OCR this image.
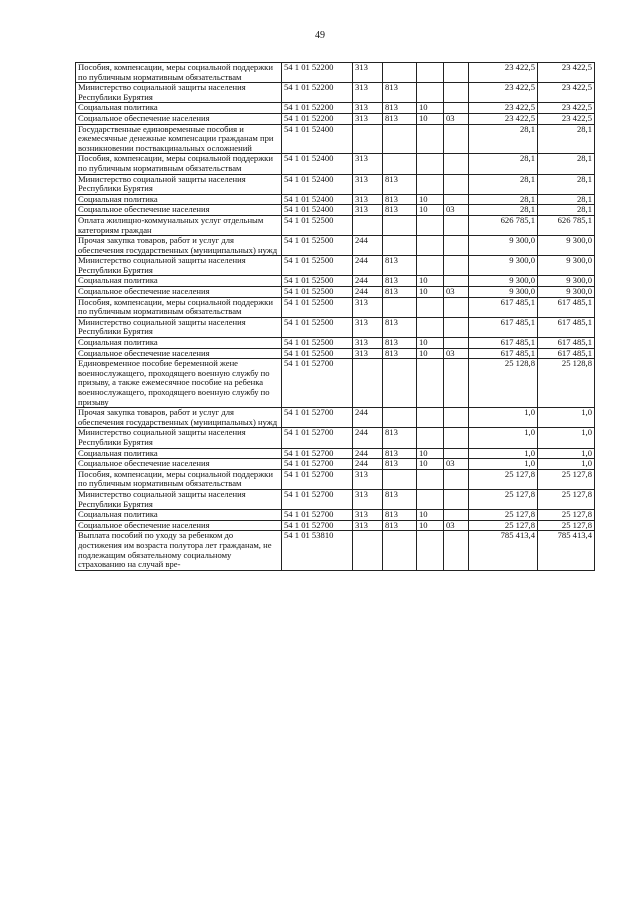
49
Пособия, компенсации, меры социальной поддержки по публичным нормативным обязательствам	54 1 01 52200	313				23 422,5	23 422,5
Министерство социальной защиты населения Республики Бурятия	54 1 01 52200	313	813			23 422,5	23 422,5
Социальная политика	54 1 01 52200	313	813	10		23 422,5	23 422,5
Социальное обеспечение населения	54 1 01 52200	313	813	10	03	23 422,5	23 422,5
Государственные единовременные пособия и ежемесячные денежные компенсации гражданам при возникновении поствакцинальных осложнений	54 1 01 52400					28,1	28,1
Пособия, компенсации, меры социальной поддержки по публичным нормативным обязательствам	54 1 01 52400	313				28,1	28,1
Министерство социальной защиты населения Республики Бурятия	54 1 01 52400	313	813			28,1	28,1
Социальная политика	54 1 01 52400	313	813	10		28,1	28,1
Социальное обеспечение населения	54 1 01 52400	313	813	10	03	28,1	28,1
Оплата жилищно-коммунальных услуг отдельным категориям граждан	54 1 01 52500					626 785,1	626 785,1
Прочая закупка товаров, работ и услуг для обеспечения государственных (муниципальных) нужд	54 1 01 52500	244				9 300,0	9 300,0
Министерство социальной защиты населения Республики Бурятия	54 1 01 52500	244	813			9 300,0	9 300,0
Социальная политика	54 1 01 52500	244	813	10		9 300,0	9 300,0
Социальное обеспечение населения	54 1 01 52500	244	813	10	03	9 300,0	9 300,0
Пособия, компенсации, меры социальной поддержки по публичным нормативным обязательствам	54 1 01 52500	313				617 485,1	617 485,1
Министерство социальной защиты населения Республики Бурятия	54 1 01 52500	313	813			617 485,1	617 485,1
Социальная политика	54 1 01 52500	313	813	10		617 485,1	617 485,1
Социальное обеспечение населения	54 1 01 52500	313	813	10	03	617 485,1	617 485,1
Единовременное пособие беременной жене военнослужащего, проходящего военную службу по призыву, а также ежемесячное пособие на ребенка военнослужащего, проходящего военную службу по призыву	54 1 01 52700					25 128,8	25 128,8
Прочая закупка товаров, работ и услуг для обеспечения государственных (муниципальных) нужд	54 1 01 52700	244				1,0	1,0
Министерство социальной защиты населения Республики Бурятия	54 1 01 52700	244	813			1,0	1,0
Социальная политика	54 1 01 52700	244	813	10		1,0	1,0
Социальное обеспечение населения	54 1 01 52700	244	813	10	03	1,0	1,0
Пособия, компенсации, меры социальной поддержки по публичным нормативным обязательствам	54 1 01 52700	313				25 127,8	25 127,8
Министерство социальной защиты населения Республики Бурятия	54 1 01 52700	313	813			25 127,8	25 127,8
Социальная политика	54 1 01 52700	313	813	10		25 127,8	25 127,8
Социальное обеспечение населения	54 1 01 52700	313	813	10	03	25 127,8	25 127,8
Выплата пособий по уходу за ребенком до достижения им возраста полутора лет гражданам, не подлежащим обязательному социальному страхованию на случай вре-	54 1 01 53810					785 413,4	785 413,4
